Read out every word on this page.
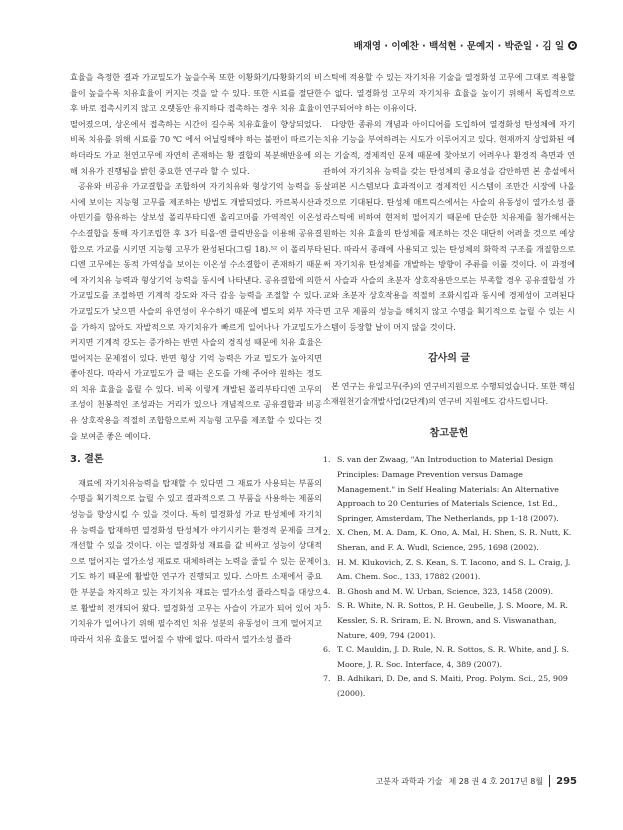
배재영 · 이예찬 · 백석현 · 문예지 · 박준일 · 김 일

효율을 측정한 결과 가교밀도가 높을수록 또한 이황화기/다황화기의 비율이 높을수록 치유효율이 커지는 것을 알 수 있다. 또한 시료를 절단한 후 바로 접촉시키지 않고 오랫동안 유지하다 접촉하는 경우 치유 효율이 떨어졌으며, 상온에서 접촉하는 시간이 길수록 치유효율이 향상되었다. 비록 치유를 위해 시료를 70 ℃ 에서 어닐링해야 하는 불편이 따르기는 하더라도 가교 천연고무에 자연히 존재하는 황 결합의 복분해반응에 의해 치유가 진행됨을 밝힌 중요한 연구라 할 수 있다.

공유와 비공유 가교결합을 조합하여 자기치유와 형상기억 능력을 동시에 보이는 지능형 고무를 제조하는 방법도 개발되었다. 카르복시산과 아민기를 함유하는 상보성 폴리부타디엔 올리고머를 가역적인 이온성 수소결합을 통해 자기조립한 후 3가 티올-엔 클릭반응을 이용해 공유결합으로 가교를 시키면 지능형 고무가 완성된다(그림 18).⁵² 이 폴리부타디엔 고무에는 동적 가역성을 보이는 이온성 수소결합이 존재하기 때문에 자기치유 능력과 형상기억 능력을 동시에 나타낸다. 공유결합에 의한 가교밀도를 조절하면 기계적 강도와 자극 감응 능력을 조절할 수 있다. 가교밀도가 낮으면 사슬의 유연성이 우수하기 때문에 별도의 외부 자극을 가하지 않아도 자발적으로 자기치유가 빠르게 일어나나 가교밀도가 커지면 기계적 강도는 증가하는 반면 사슬의 경직성 때문에 치유 효율은 떨어지는 문제점이 있다. 반면 형상 기억 능력은 가교 밀도가 높아지면 좋아진다. 따라서 가교밀도가 클 때는 온도를 가해 주어야 원하는 정도의 치유 효율을 올릴 수 있다. 비록 이렇게 개발된 폴리부타디엔 고무의 조성이 천봉적인 조성과는 거리가 있으나 개념적으로 공유결합과 비공유 상호작용을 적절히 조합함으로써 지능형 고무를 제조할 수 있다는 것을 보여준 좋은 예이다.

3. 결론

재료에 자기치유능력을 탑재할 수 있다면 그 재료가 사용되는 부품의 수명을 획기적으로 늘릴 수 있고 결과적으로 그 부품을 사용하는 제품의 성능을 향상시킬 수 있을 것이다. 특히 열경화성 가교 탄성체에 자기치유 능력을 탑재하면 열경화성 탄성체가 야기시키는 환경적 문제를 크게 개선할 수 있을 것이다. 이는 열경화성 재료를 값 비싸고 성능이 상대적으로 떨어지는 열가소성 재료로 대체하려는 노력을 줄일 수 있는 문제이기도 하기 때문에 활발한 연구가 진행되고 있다. 스마트 소재에서 중요한 부분을 차지하고 있는 자기치유 재료는 열가소성 플라스틱을 대상으로 활발히 전개되어 왔다. 열경화성 고무는 사슬이 가교가 되어 있어 자기치유가 일어나기 위해 필수적인 치유 성분의 유동성이 크게 떨어지고 따라서 치유 효율도 떨어질 수 밖에 없다. 따라서 열가소성 플라

스틱에 적용할 수 있는 자기치유 기술을 열경화성 고무에 그대로 적용할 수 없다. 열경화성 고무의 자기치유 효율을 높이기 위해서 독립적으로 연구되어야 하는 이유이다.

다양한 종류의 개념과 아이디어를 도입하여 열경화성 탄성체에 자기치유 기능을 부여하려는 시도가 이루어지고 있다. 현재까지 상업화된 예는 기술적, 경제적인 문제 때문에 찾아보기 어려우나 환경적 측면과 연관하여 자기치유 능력을 갖는 탄성체의 중요성을 감안하면 본 총설에서 살펴본 시스템보다 효과적이고 경제적인 시스템이 조만간 시장에 나올 것으로 기대된다. 탄성체 매트릭스에서는 사슬의 유동성이 열가소성 플라스틱에 비하여 현저히 떨어지기 때문에 단순한 치유제를 첨가해서는 원하는 치유 효율의 탄성체를 제조하는 것은 대단히 어려울 것으로 예상된다. 따라서 종래에 사용되고 있는 탄성체의 화학적 구조를 개질함으로써 자기치유 탄성체를 개발하는 방향이 주류를 이룰 것이다. 이 과정에서 사슬과 사슬의 초분자 상호작용만으로는 부족할 경우 공유결합성 가교와 초분자 상호작용을 적절히 조화시킴과 동시에 경제성이 고려된다면 고무 제품의 성능을 해치지 않고 수명을 획기적으로 늘릴 수 있는 시스템이 등장할 날이 머지 않을 것이다.

감사의 글

본 연구는 유일고무(주)의 연구비지원으로 수행되었습니다. 또한 핵심소재원천기술개발사업(2단계)의 연구비 지원에도 감사드립니다.

참고문헌
1. S. van der Zwaag, "An Introduction to Material Design Principles: Damage Prevention versus Damage Management." in Self Healing Materials: An Alternative Approach to 20 Centuries of Materials Science, 1st Ed., Springer, Amsterdam, The Netherlands, pp 1-18 (2007).
2. X. Chen, M. A. Dam, K. Ono, A. Mal, H. Shen, S. R. Nutt, K. Sheran, and F. A. Wudl, Science, 295, 1698 (2002).
3. H. M. Klukovich, Z. S. Kean, S. T. Iacono, and S. L. Craig, J. Am. Chem. Soc., 133, 17882 (2001).
4. B. Ghosh and M. W. Urban, Science, 323, 1458 (2009).
5. S. R. White, N. R. Sottos, P. H. Geubelle, J. S. Moore, M. R. Kessler, S. R. Sriram, E. N. Brown, and S. Viswanathan, Nature, 409, 794 (2001).
6. T. C. Mauldin, J. D. Rule, N. R. Sottos, S. R. White, and J. S. Moore, J. R. Soc. Interface, 4, 389 (2007).
7. B. Adhikari, D. De, and S. Maiti, Prog. Polym. Sci., 25, 909 (2000).
고분자 과학과 기술 제 28 권 4 호 2017년 8월 295
